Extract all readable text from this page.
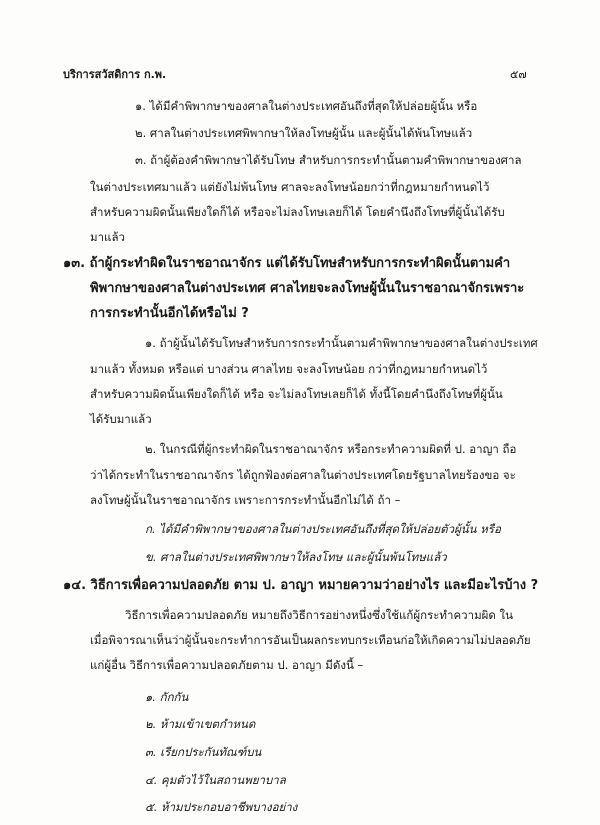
บริการสวัสดิการ ก.พ.	๕๗
๑. ได้มีคำพิพากษาของศาลในต่างประเทศอันถึงที่สุดให้ปล่อยผู้นั้น หรือ
๒. ศาลในต่างประเทศพิพากษาให้ลงโทษผู้นั้น และผู้นั้นได้พ้นโทษแล้ว
๓. ถ้าผู้ต้องคำพิพากษาได้รับโทษ สำหรับการกระทำนั้นตามคำพิพากษาของศาล
ในต่างประเทศมาแล้ว แต่ยังไม่พ้นโทษ ศาลจะลงโทษน้อยกว่าที่กฎหมายกำหนดไว้
สำหรับความผิดนั้นเพียงใดก็ได้ หรือจะไม่ลงโทษเลยก็ได้ โดยคำนึงถึงโทษที่ผู้นั้นได้รับ
มาแล้ว
๑๓. ถ้าผู้กระทำผิดในราชอาณาจักร แต่ได้รับโทษสำหรับการกระทำผิดนั้นตามคำ
พิพากษาของศาลในต่างประเทศ ศาลไทยจะลงโทษผู้นั้นในราชอาณาจักรเพราะ
การกระทำนั้นอีกได้หรือไม่ ?
๑. ถ้าผู้นั้นได้รับโทษสำหรับการกระทำนั้นตามคำพิพากษาของศาลในต่างประเทศ
มาแล้ว ทั้งหมด หรือแต่ บางส่วน ศาลไทย จะลงโทษน้อย กว่าที่กฎหมายกำหนดไว้
สำหรับความผิดนั้นเพียงใดก็ได้ หรือ จะไม่ลงโทษเลยก็ได้ ทั้งนี้โดยคำนึงถึงโทษที่ผู้นั้น
ได้รับมาแล้ว
๒. ในกรณีที่ผู้กระทำผิดในราชอาณาจักร หรือกระทำความผิดที่ ป. อาญา ถือ
ว่าได้กระทำในราชอาณาจักร ได้ถูกฟ้องต่อศาลในต่างประเทศโดยรัฐบาลไทยร้องขอ จะ
ลงโทษผู้นั้นในราชอาณาจักร เพราะการกระทำนั้นอีกไม่ได้ ถ้า –
ก. ได้มีคำพิพากษาของศาลในต่างประเทศอันถึงที่สุดให้ปล่อยตัวผู้นั้น หรือ
ข. ศาลในต่างประเทศพิพากษาให้ลงโทษ และผู้นั้นพ้นโทษแล้ว
๑๔. วิธีการเพื่อความปลอดภัย ตาม ป. อาญา หมายความว่าอย่างไร และมีอะไรบ้าง ?
วิธีการเพื่อความปลอดภัย หมายถึงวิธีการอย่างหนึ่งซึ่งใช้แก้ผู้กระทำความผิด ใน
เมื่อพิจารณาเห็นว่าผู้นั้นจะกระทำการอันเป็นผลกระทบกระเทือนก่อให้เกิดความไม่ปลอดภัย
แก่ผู้อื่น วิธีการเพื่อความปลอดภัยตาม ป. อาญา มีดังนี้ –
๑. กักกัน
๒. ห้ามเข้าเขตกำหนด
๓. เรียกประกันทัณฑ์บน
๔. คุมตัวไว้ในสถานพยาบาล
๕. ห้ามประกอบอาชีพบางอย่าง
